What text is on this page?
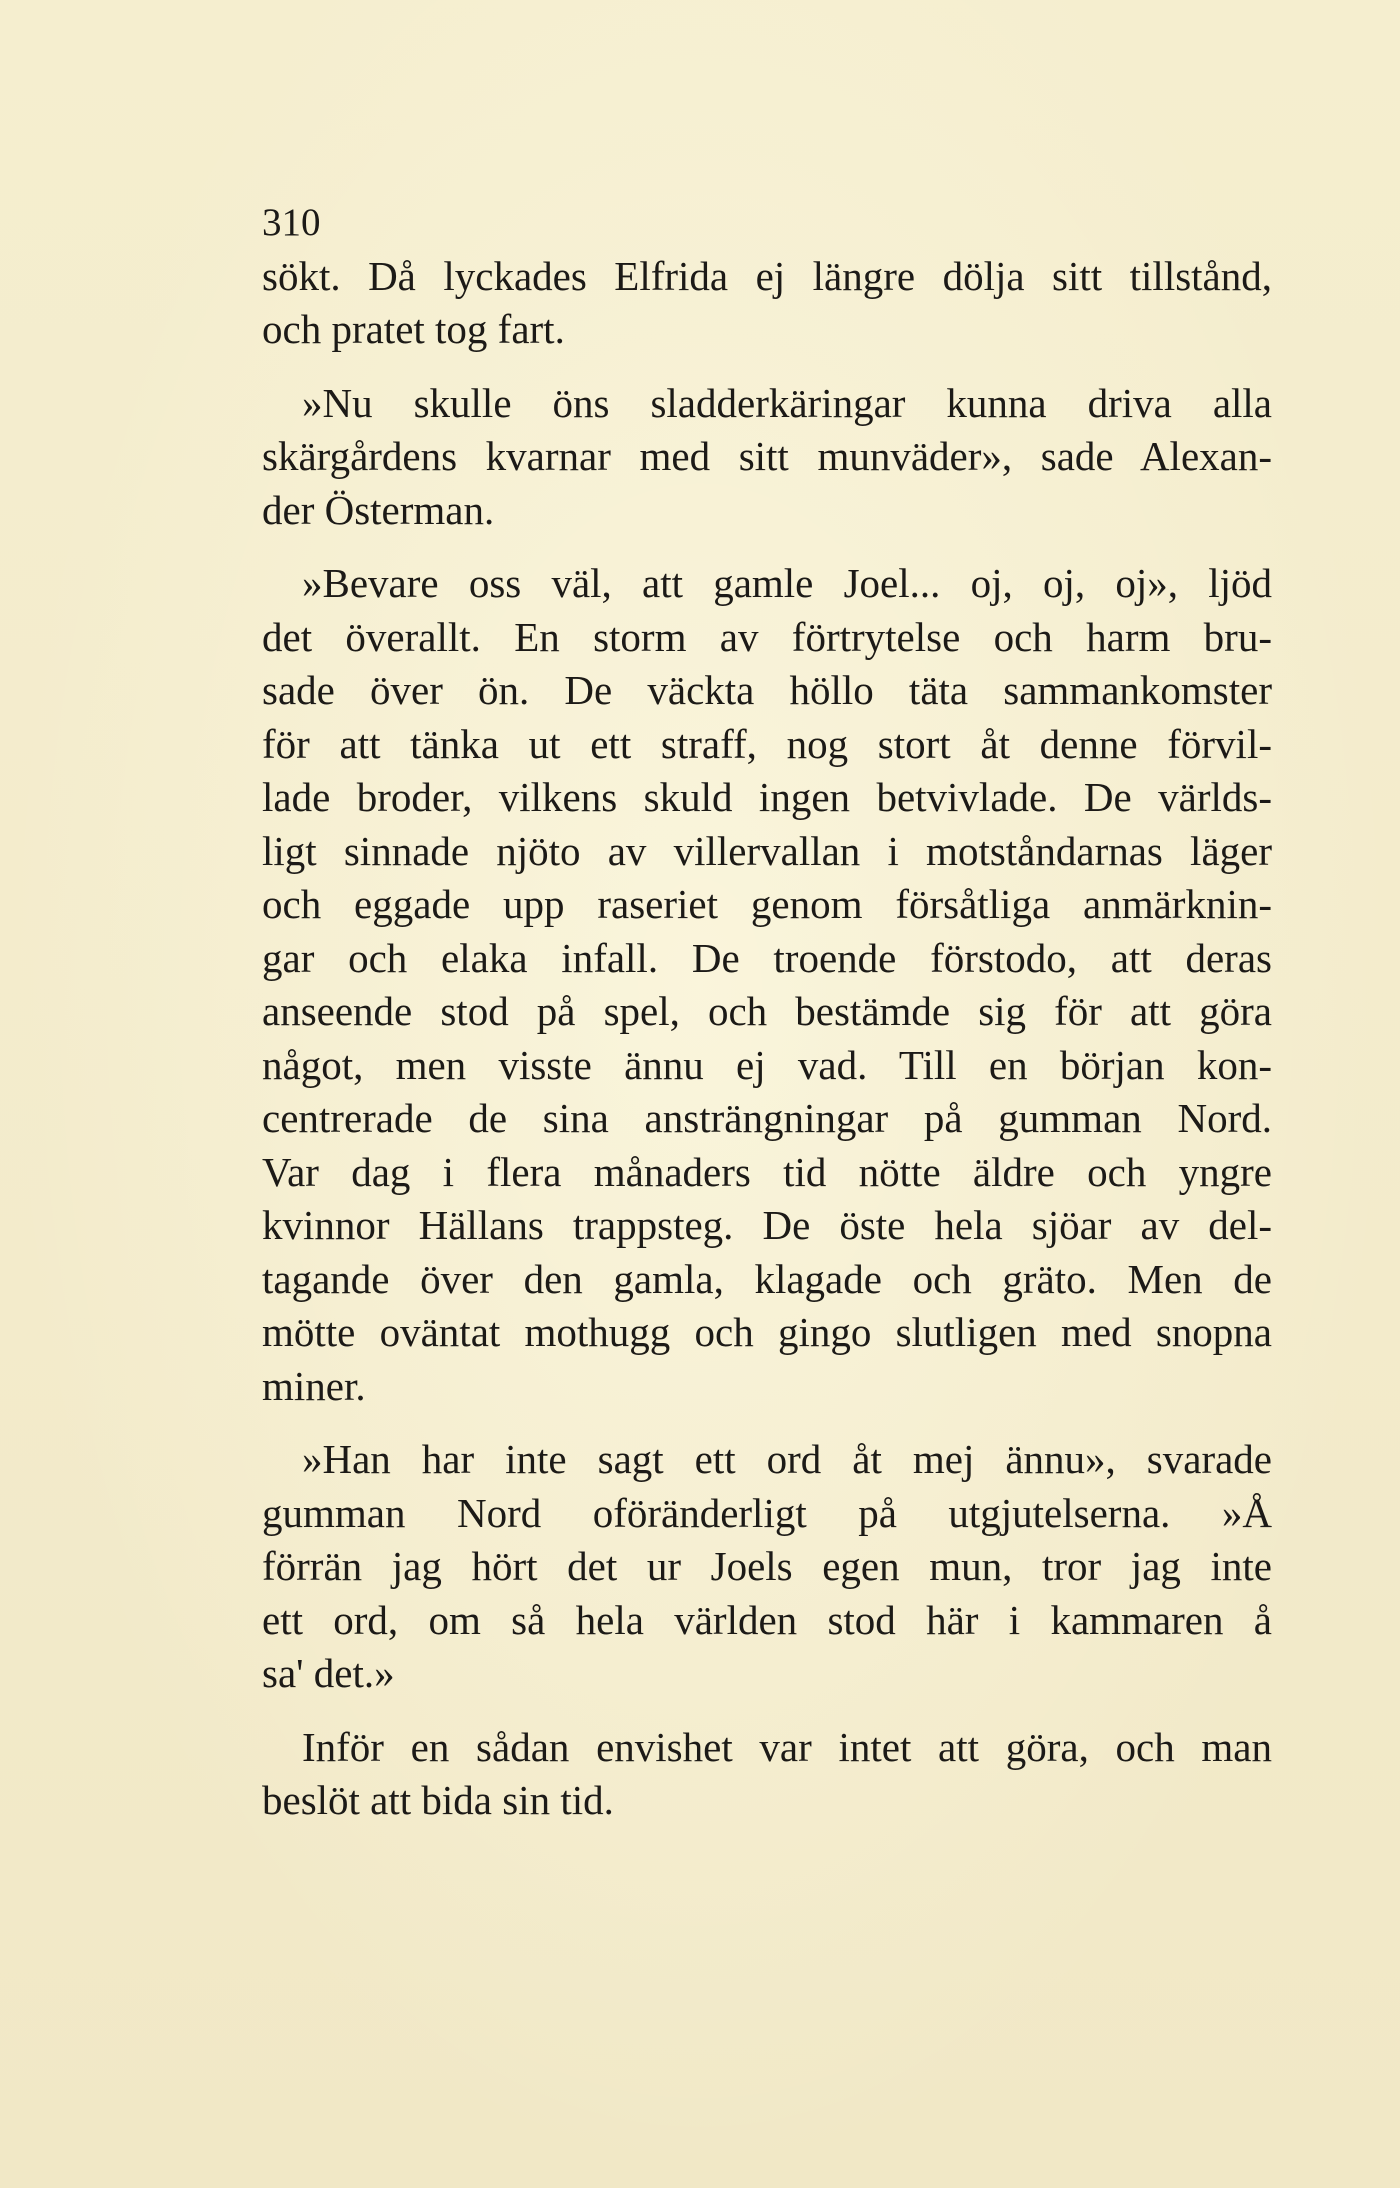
310
sökt. Då lyckades Elfrida ej längre dölja sitt tillstånd,
och pratet tog fart.
»Nu skulle öns sladderkäringar kunna driva alla
skärgårdens kvarnar med sitt munväder», sade Alexan-
der Österman.
»Bevare oss väl, att gamle Joel... oj, oj, oj», ljöd
det överallt. En storm av förtrytelse och harm bru-
sade över ön. De väckta höllo täta sammankomster
för att tänka ut ett straff, nog stort åt denne förvil-
lade broder, vilkens skuld ingen betvivlade. De världs-
ligt sinnade njöto av villervallan i motståndarnas läger
och eggade upp raseriet genom försåtliga anmärknin-
gar och elaka infall. De troende förstodo, att deras
anseende stod på spel, och bestämde sig för att göra
något, men visste ännu ej vad. Till en början kon-
centrerade de sina ansträngningar på gumman Nord.
Var dag i flera månaders tid nötte äldre och yngre
kvinnor Hällans trappsteg. De öste hela sjöar av del-
tagande över den gamla, klagade och gräto. Men de
mötte oväntat mothugg och gingo slutligen med snopna
miner.
»Han har inte sagt ett ord åt mej ännu», svarade
gumman Nord oföränderligt på utgjutelserna. »Å
förrän jag hört det ur Joels egen mun, tror jag inte
ett ord, om så hela världen stod här i kammaren å
sa' det.»
Inför en sådan envishet var intet att göra, och man
beslöt att bida sin tid.
